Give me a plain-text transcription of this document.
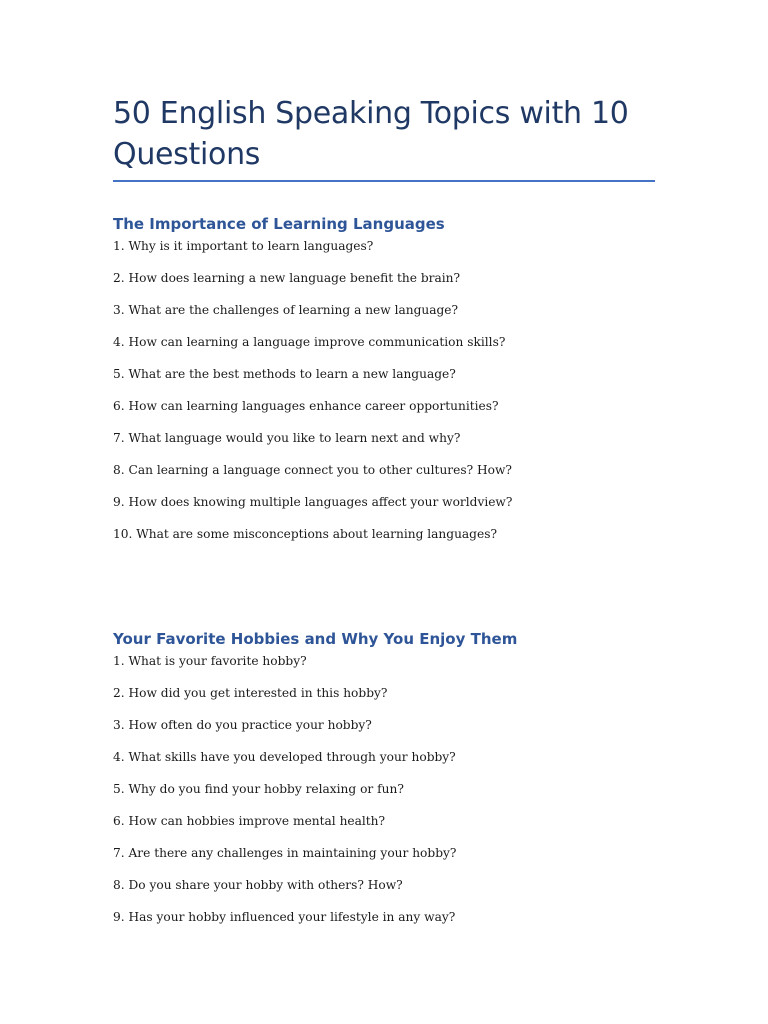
50 English Speaking Topics with 10 Questions
The Importance of Learning Languages
1. Why is it important to learn languages?
2. How does learning a new language benefit the brain?
3. What are the challenges of learning a new language?
4. How can learning a language improve communication skills?
5. What are the best methods to learn a new language?
6. How can learning languages enhance career opportunities?
7. What language would you like to learn next and why?
8. Can learning a language connect you to other cultures? How?
9. How does knowing multiple languages affect your worldview?
10. What are some misconceptions about learning languages?
Your Favorite Hobbies and Why You Enjoy Them
1. What is your favorite hobby?
2. How did you get interested in this hobby?
3. How often do you practice your hobby?
4. What skills have you developed through your hobby?
5. Why do you find your hobby relaxing or fun?
6. How can hobbies improve mental health?
7. Are there any challenges in maintaining your hobby?
8. Do you share your hobby with others? How?
9. Has your hobby influenced your lifestyle in any way?
